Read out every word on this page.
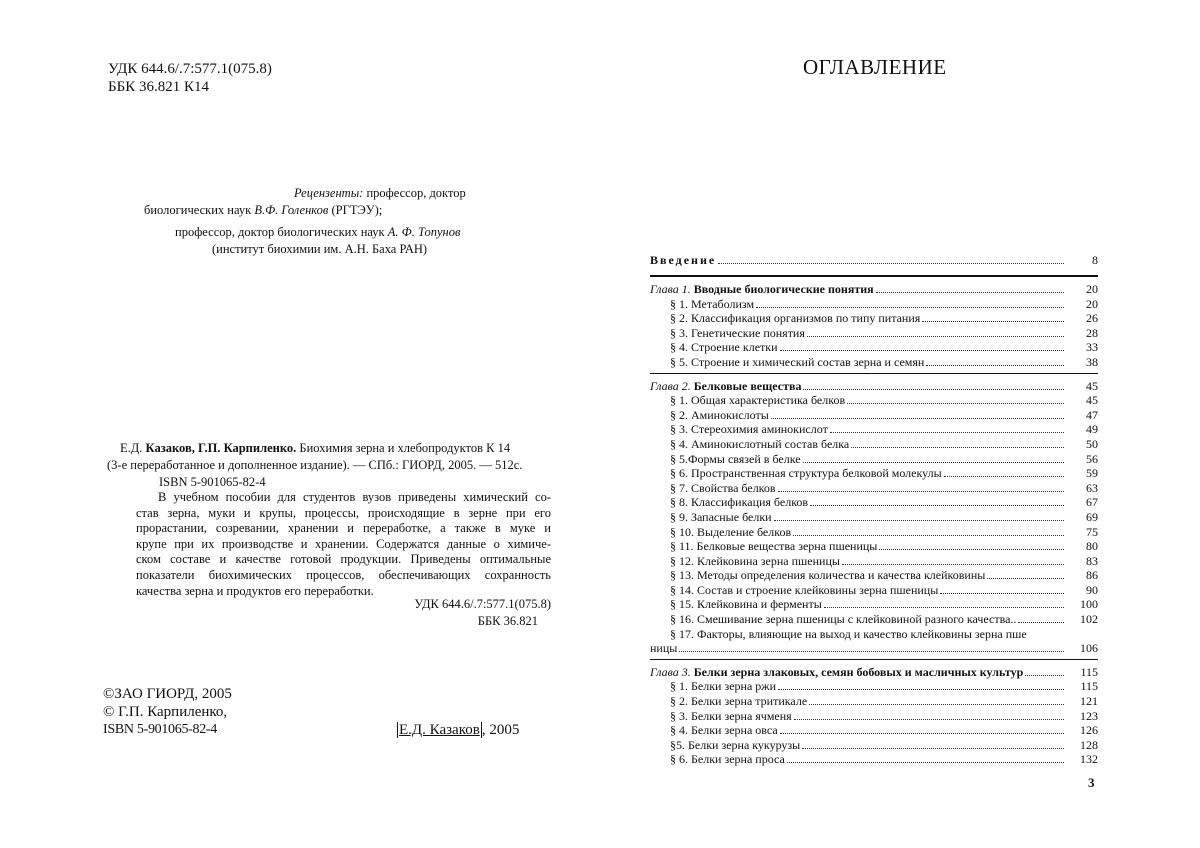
УДК 644.6/.7:577.1(075.8)
ББК 36.821 К14
Рецензенты: профессор, доктор
биологических наук В.Ф. Голенков (РГТЭУ);
профессор, доктор биологических наук А. Ф. Топунов
(институт биохимии им. А.Н. Баха РАН)
Е.Д. Казаков, Г.П. Карпиленко. Биохимия зерна и хлебопродуктов К 14
(3-е переработанное и дополненное издание). — СПб.: ГИОРД, 2005. — 512с.
ISBN 5-901065-82-4
В учебном пособии для студентов вузов приведены химический со-
став зерна, муки и крупы, процессы, происходящие в зерне при его
прорастании, созревании, хранении и переработке, а также в муке и
крупе при их производстве и хранении. Содержатся данные о химиче-
ском составе и качестве готовой продукции. Приведены оптимальные
показатели биохимических процессов, обеспечивающих сохранность
качества зерна и продуктов его переработки.
УДК 644.6/.7:577.1(075.8)
ББК 36.821
©ЗАО ГИОРД, 2005
© Г.П. Карпиленко,
ISBN 5-901065-82-4	Е.Д. Казаков , 2005
ОГЛАВЛЕНИЕ
Введение	8
Глава 1. Вводные биологические понятия	20
§ 1. Метаболизм	20
§ 2. Классификация организмов по типу питания	26
§ 3. Генетические понятия	28
§ 4. Строение клетки	33
§ 5. Строение и химический состав зерна и семян	38
Глава 2. Белковые вещества	45
§ 1. Общая характеристика белков	45
§ 2. Аминокислоты	47
§ 3. Стереохимия аминокислот	49
§ 4. Аминокислотный состав белка	50
§ 5.Формы связей в белке	56
§ 6. Пространственная структура белковой молекулы	59
§ 7. Свойства белков	63
§ 8. Классификация белков	67
§ 9. Запасные белки	69
§ 10. Выделение белков	75
§ 11. Белковые вещества зерна пшеницы	80
§ 12. Клейковина зерна пшеницы	83
§ 13. Методы определения количества и качества клейковины	86
§ 14. Состав и строение клейковины зерна пшеницы	90
§ 15. Клейковина и ферменты	100
§ 16. Смешивание зерна пшеницы с клейковиной разного качества..	102
§ 17. Факторы, влияющие на выход и качество клейковины зерна пше
ницы	106
Глава 3. Белки зерна злаковых, семян бобовых и масличных культур	115
§ 1. Белки зерна ржи	115
§ 2. Белки зерна тритикале	121
§ 3. Белки зерна ячменя	123
§ 4. Белки зерна овса	126
§5. Белки зерна кукурузы	128
§ 6. Белки зерна проса	132
3
